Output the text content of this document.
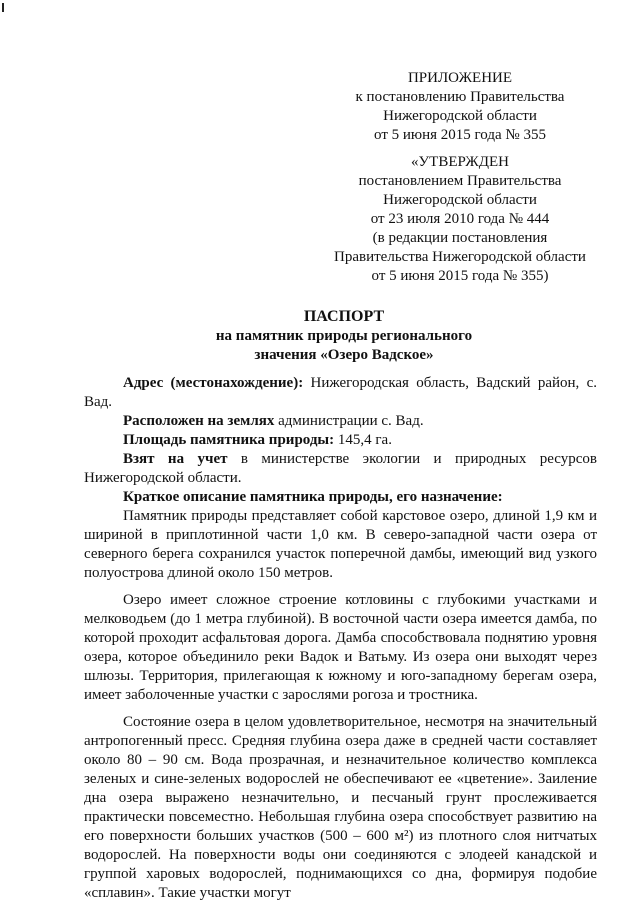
ПРИЛОЖЕНИЕ
к постановлению Правительства
Нижегородской области
от 5 июня 2015 года № 355
«УТВЕРЖДЕН
постановлением Правительства
Нижегородской области
от 23 июля 2010 года № 444
(в редакции постановления
Правительства Нижегородской области
от 5 июня 2015 года № 355)
ПАСПОРТ
на памятник природы регионального
значения «Озеро Вадское»

Адрес (местонахождение): Нижегородская область, Вадский район, с. Вад.

Расположен на землях администрации с. Вад.

Площадь памятника природы: 145,4 га.

Взят на учет в министерстве экологии и природных ресурсов Нижегородской области.

Краткое описание памятника природы, его назначение:

Памятник природы представляет собой карстовое озеро, длиной 1,9 км и шириной в приплотинной части 1,0 км. В северо-западной части озера от северного берега сохранился участок поперечной дамбы, имеющий вид узкого полуострова длиной около 150 метров.

Озеро имеет сложное строение котловины с глубокими участками и мелководьем (до 1 метра глубиной). В восточной части озера имеется дамба, по которой проходит асфальтовая дорога. Дамба способствовала поднятию уровня озера, которое объединило реки Вадок и Ватьму. Из озера они выходят через шлюзы. Территория, прилегающая к южному и юго-западному берегам озера, имеет заболоченные участки с зарослями рогоза и тростника.

Состояние озера в целом удовлетворительное, несмотря на значительный антропогенный пресс. Средняя глубина озера даже в средней части составляет около 80 – 90 см. Вода прозрачная, и незначительное количество комплекса зеленых и сине-зеленых водорослей не обеспечивают ее «цветение». Заиление дна озера выражено незначительно, и песчаный грунт прослеживается практически повсеместно. Небольшая глубина озера способствует развитию на его поверхности больших участков (500 – 600 м²) из плотного слоя нитчатых водорослей. На поверхности воды они соединяются с элодеей канадской и группой харовых водорослей, поднимающихся со дна, формируя подобие «сплавин». Такие участки могут
